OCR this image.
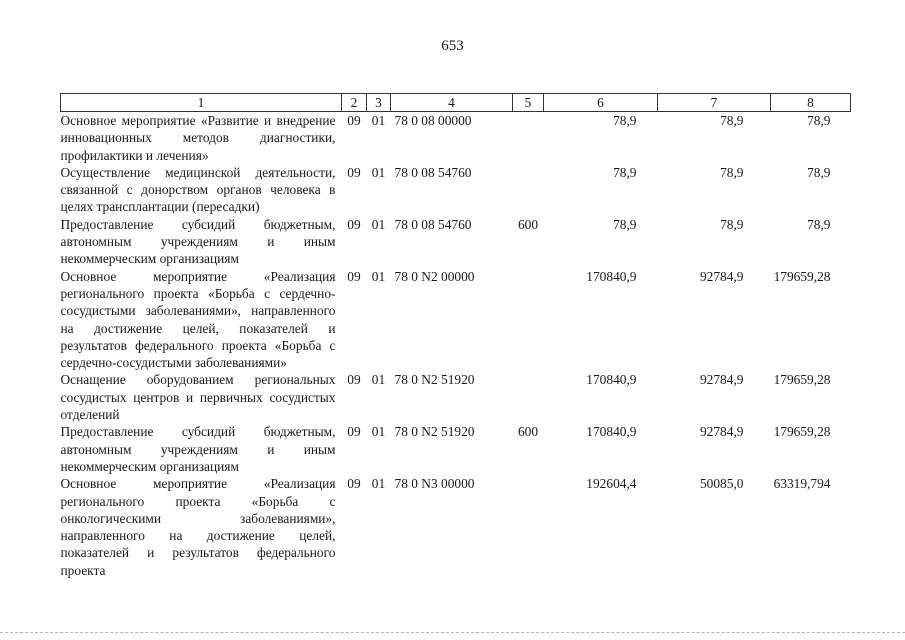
653
1	2	3	4	5	6	7	8
Основное мероприятие «Развитие и внедрение инновационных методов диагностики, профилактики и лечения»	09	01	78 0 08 00000		78,9	78,9	78,9
Осуществление медицинской деятельности, связанной с донорством органов человека в целях трансплантации (пересадки)	09	01	78 0 08 54760		78,9	78,9	78,9
Предоставление субсидий бюджетным, автономным учреждениям и иным некоммерческим организациям	09	01	78 0 08 54760	600	78,9	78,9	78,9
Основное мероприятие «Реализация регионального проекта «Борьба с сердечно-сосудистыми заболеваниями», направленного на достижение целей, показателей и результатов федерального проекта «Борьба с сердечно-сосудистыми заболеваниями»	09	01	78 0 N2 00000		170840,9	92784,9	179659,28
Оснащение оборудованием региональных сосудистых центров и первичных сосудистых отделений	09	01	78 0 N2 51920		170840,9	92784,9	179659,28
Предоставление субсидий бюджетным, автономным учреждениям и иным некоммерческим организациям	09	01	78 0 N2 51920	600	170840,9	92784,9	179659,28
Основное мероприятие «Реализация регионального проекта «Борьба с онкологическими заболеваниями», направленного на достижение целей, показателей и результатов федерального проекта	09	01	78 0 N3 00000		192604,4	50085,0	63319,794
